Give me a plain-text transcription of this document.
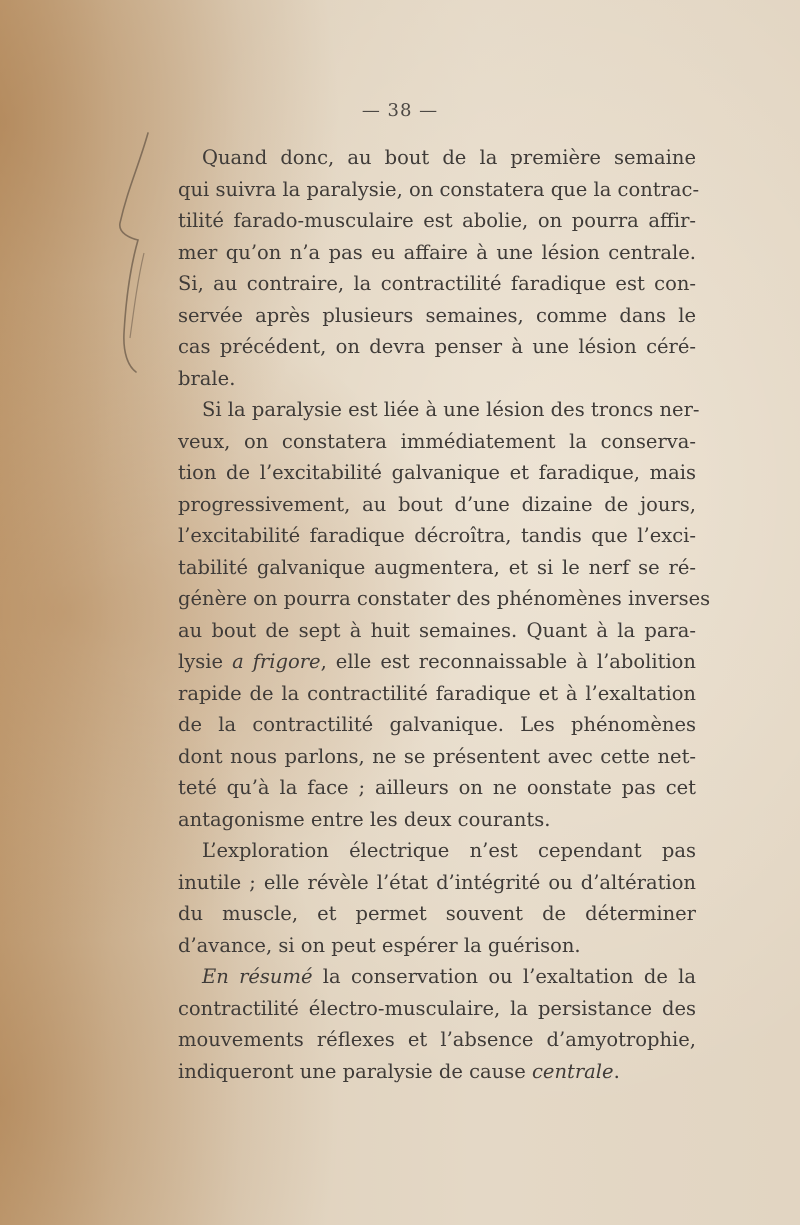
— 38 —
Quand donc, au bout de la première semaine
qui suivra la paralysie, on constatera que la contrac-
tilité farado-musculaire est abolie, on pourra affir-
mer qu’on n’a pas eu affaire à une lésion centrale.
Si, au contraire, la contractilité faradique est con-
servée après plusieurs semaines, comme dans le
cas précédent, on devra penser à une lésion céré-
brale.
Si la paralysie est liée à une lésion des troncs ner-
veux, on constatera immédiatement la conserva-
tion de l’excitabilité galvanique et faradique, mais
progressivement, au bout d’une dizaine de jours,
l’excitabilité faradique décroîtra, tandis que l’exci-
tabilité galvanique augmentera, et si le nerf se ré-
génère on pourra constater des phénomènes inverses
au bout de sept à huit semaines. Quant à la para-
lysie a frigore, elle est reconnaissable à l’abolition
rapide de la contractilité faradique et à l’exaltation
de la contractilité galvanique. Les phénomènes
dont nous parlons, ne se présentent avec cette net-
teté qu’à la face ; ailleurs on ne oonstate pas cet
antagonisme entre les deux courants.
L’exploration électrique n’est cependant pas
inutile ; elle révèle l’état d’intégrité ou d’altération
du muscle, et permet souvent de déterminer
d’avance, si on peut espérer la guérison.
En résumé la conservation ou l’exaltation de la
contractilité électro-musculaire, la persistance des
mouvements réflexes et l’absence d’amyotrophie,
indiqueront une paralysie de cause centrale.
